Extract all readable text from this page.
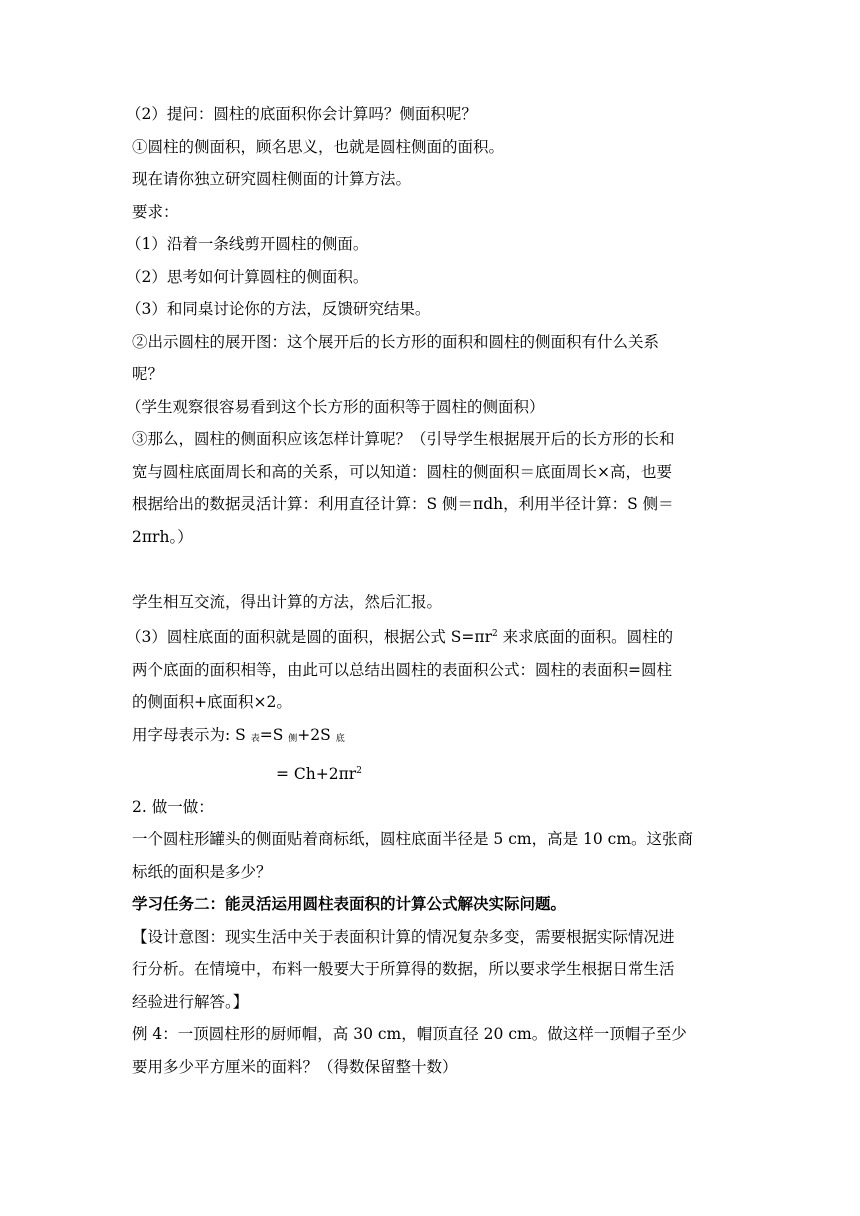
（2）提问：圆柱的底面积你会计算吗？侧面积呢？
①圆柱的侧面积，顾名思义，也就是圆柱侧面的面积。
现在请你独立研究圆柱侧面的计算方法。
要求：
（1）沿着一条线剪开圆柱的侧面。
（2）思考如何计算圆柱的侧面积。
（3）和同桌讨论你的方法，反馈研究结果。
②出示圆柱的展开图：这个展开后的长方形的面积和圆柱的侧面积有什么关系
呢？
（学生观察很容易看到这个长方形的面积等于圆柱的侧面积）
③那么，圆柱的侧面积应该怎样计算呢？（引导学生根据展开后的长方形的长和
宽与圆柱底面周长和高的关系，可以知道：圆柱的侧面积＝底面周长×高，也要
根据给出的数据灵活计算：利用直径计算：S 侧＝πdh，利用半径计算：S 侧＝
2πrh。）
学生相互交流，得出计算的方法，然后汇报。
（3）圆柱底面的面积就是圆的面积，根据公式 $S=\pi r^2$ 来求底面的面积。圆柱的
两个底面的面积相等，由此可以总结出圆柱的表面积公式：圆柱的表面积=圆柱
的侧面积+底面积×2。
用字母表示为: S 表=S 侧+2S 底
= $Ch+2\pi r^2$
2. 做一做：
一个圆柱形罐头的侧面贴着商标纸，圆柱底面半径是 5 cm，高是 10 cm。这张商
标纸的面积是多少？
学习任务二：能灵活运用圆柱表面积的计算公式解决实际问题。
【设计意图：现实生活中关于表面积计算的情况复杂多变，需要根据实际情况进
行分析。在情境中，布料一般要大于所算得的数据，所以要求学生根据日常生活
经验进行解答。】
例 4：一顶圆柱形的厨师帽，高 30 cm，帽顶直径 20 cm。做这样一顶帽子至少
要用多少平方厘米的面料？（得数保留整十数）
